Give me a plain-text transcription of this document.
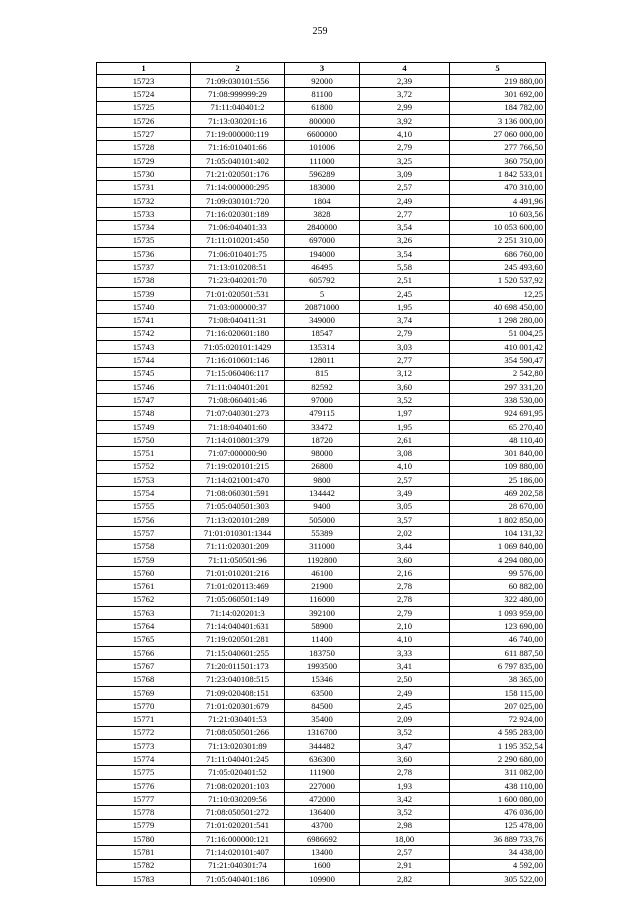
259
1	2	3	4	5
15723	71:09:030101:556	92000	2,39	219 880,00
15724	71:08:999999:29	81100	3,72	301 692,00
15725	71:11:040401:2	61800	2,99	184 782,00
15726	71:13:030201:16	800000	3,92	3 136 000,00
15727	71:19:000000:119	6600000	4,10	27 060 000,00
15728	71:16:010401:66	101006	2,79	277 766,50
15729	71:05:040101:402	111000	3,25	360 750,00
15730	71:21:020501:176	596289	3,09	1 842 533,01
15731	71:14:000000:295	183000	2,57	470 310,00
15732	71:09:030101:720	1804	2,49	4 491,96
15733	71:16:020301:189	3828	2,77	10 603,56
15734	71:06:040401:33	2840000	3,54	10 053 600,00
15735	71:11:010201:450	697000	3,26	2 251 310,00
15736	71:06:010401:75	194000	3,54	686 760,00
15737	71:13:010208:51	46495	5,58	245 493,60
15738	71:23:040201:70	605792	2,51	1 520 537,92
15739	71:01:020501:531	5	2,45	12,25
15740	71:03:000000:37	20871000	1,95	40 698 450,00
15741	71:08:040411:31	349000	3,74	1 298 280,00
15742	71:16:020601:180	18547	2,79	51 004,25
15743	71:05:020101:1429	135314	3,03	410 001,42
15744	71:16:010601:146	128011	2,77	354 590,47
15745	71:15:060406:117	815	3,12	2 542,80
15746	71:11:040401:201	82592	3,60	297 331,20
15747	71:08:060401:46	97000	3,52	338 530,00
15748	71:07:040301:273	479115	1,97	924 691,95
15749	71:18:040401:60	33472	1,95	65 270,40
15750	71:14:010801:379	18720	2,61	48 110,40
15751	71:07:000000:90	98000	3,08	301 840,00
15752	71:19:020101:215	26800	4,10	109 880,00
15753	71:14:021001:470	9800	2,57	25 186,00
15754	71:08:060301:591	134442	3,49	469 202,58
15755	71:05:040501:303	9400	3,05	28 670,00
15756	71:13:020101:289	505000	3,57	1 802 850,00
15757	71:01:010301:1344	55389	2,02	104 131,32
15758	71:11:020301:209	311000	3,44	1 069 840,00
15759	71:11:050501:96	1192800	3,60	4 294 080,00
15760	71:01:010201:216	46100	2,16	99 576,00
15761	71:01:020113:469	21900	2,78	60 882,00
15762	71:05:060501:149	116000	2,78	322 480,00
15763	71:14:020201:3	392100	2,79	1 093 959,00
15764	71:14:040401:631	58900	2,10	123 690,00
15765	71:19:020501:281	11400	4,10	46 740,00
15766	71:15:040601:255	183750	3,33	611 887,50
15767	71:20:011501:173	1993500	3,41	6 797 835,00
15768	71:23:040108:515	15346	2,50	38 365,00
15769	71:09:020408:151	63500	2,49	158 115,00
15770	71:01:020301:679	84500	2,45	207 025,00
15771	71:21:030401:53	35400	2,09	72 924,00
15772	71:08:050501:266	1316700	3,52	4 595 283,00
15773	71:13:020301:89	344482	3,47	1 195 352,54
15774	71:11:040401:245	636300	3,60	2 290 680,00
15775	71:05:020401:52	111900	2,78	311 082,00
15776	71:08:020201:103	227000	1,93	438 110,00
15777	71:10:030209:56	472000	3,42	1 600 080,00
15778	71:08:050501:272	136400	3,52	476 036,00
15779	71:01:020201:541	43700	2,98	125 478,00
15780	71:16:000000:121	6986692	18,00	36 889 733,76
15781	71:14:020101:407	13400	2,57	34 438,00
15782	71:21:040301:74	1600	2,91	4 592,00
15783	71:05:040401:186	109900	2,82	305 522,00
